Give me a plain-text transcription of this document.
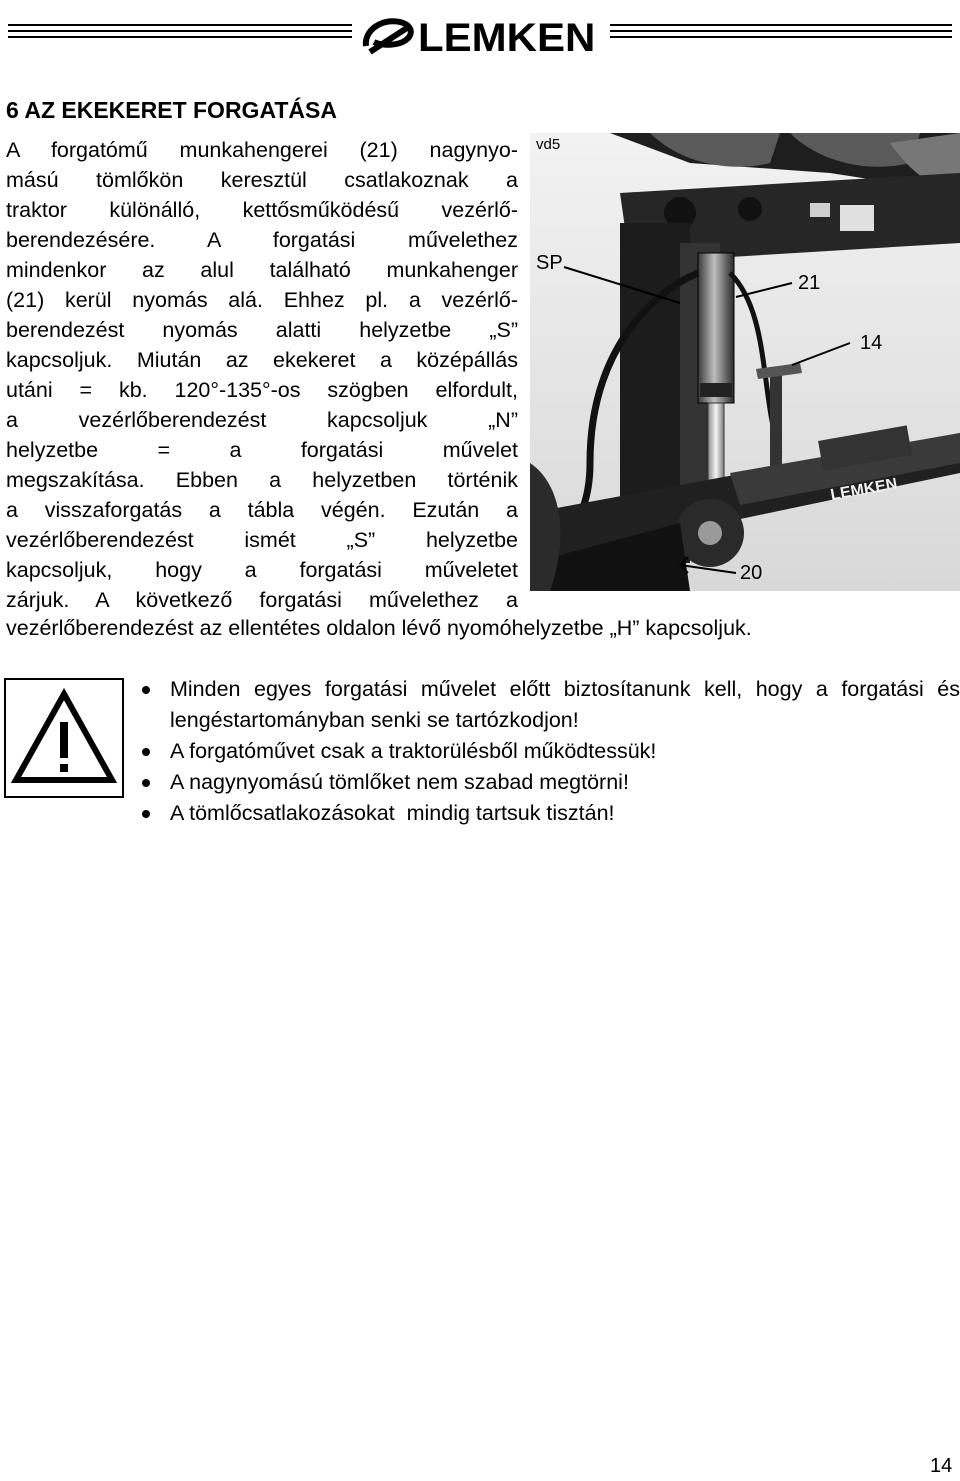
LEMKEN
6 AZ EKEKERET FORGATÁSA
A forgatómű munkahengerei (21) nagynyo-
mású tömlőkön keresztül csatlakoznak a
traktor különálló, kettősműködésű vezérlő-
berendezésére. A forgatási művelethez
mindenkor az alul található munkahenger
(21) kerül nyomás alá. Ehhez pl. a vezérlő-
berendezést nyomás alatti helyzetbe „S”
kapcsoljuk. Miután az ekekeret a középállás
utáni = kb. 120°-135°-os szögben elfordult,
a vezérlőberendezést kapcsoljuk „N”
helyzetbe = a forgatási művelet
megszakítása. Ebben a helyzetben történik
a visszaforgatás a tábla végén. Ezután a
vezérlőberendezést ismét „S” helyzetbe
kapcsoljuk, hogy a forgatási műveletet
zárjuk. A következő forgatási művelethez a
vezérlőberendezést az ellentétes oldalon lévő nyomóhelyzetbe „H” kapcsoljuk.
LEMKEN
vd5
SP
21
14
20
Minden egyes forgatási művelet előtt biztosítanunk kell, hogy a forgatási és lengéstartományban senki se tartózkodjon!
A forgatóművet csak a traktorülésből működtessük!
A nagynyomású tömlőket nem szabad megtörni!
A tömlőcsatlakozásokat  mindig tartsuk tisztán!
14
